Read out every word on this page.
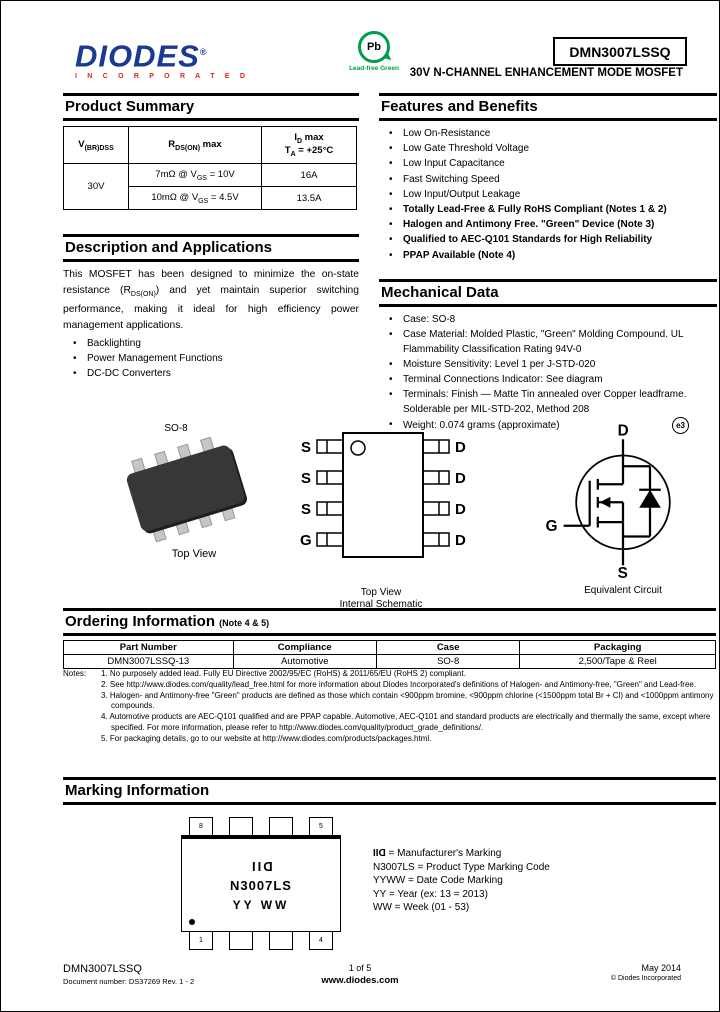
DIODES®
I N C O R P O R A T E D
Pb
➤
Lead-free Green
DMN3007LSSQ
30V N-CHANNEL ENHANCEMENT MODE MOSFET
Product Summary
$V_{(BR)DSS}$	$R_{DS(ON)}$ max	$I_D$ max
$T_A = +25^\circ C$

30V	7mΩ @ $V_{GS} = 10V$	16A
	10mΩ @ $V_{GS} = 4.5V$	13.5A
Description and Applications
This MOSFET has been designed to minimize the on-state resistance $(R_{DS(ON)})$ and yet maintain superior switching performance, making it ideal for high efficiency power management applications.
•	Backlighting
•	Power Management Functions
•	DC-DC Converters
Features and Benefits
•	Low On-Resistance
•	Low Gate Threshold Voltage
•	Low Input Capacitance
•	Fast Switching Speed
•	Low Input/Output Leakage
•	Totally Lead-Free & Fully RoHS Compliant (Notes 1 & 2)
•	Halogen and Antimony Free. "Green" Device (Note 3)
•	Qualified to AEC-Q101 Standards for High Reliability
•	PPAP Available (Note 4)
Mechanical Data
•	Case: SO-8
•	Case Material: Molded Plastic, "Green" Molding Compound. UL Flammability Classification Rating 94V-0
•	Moisture Sensitivity: Level 1 per J-STD-020
•	Terminal Connections Indicator: See diagram
•	Terminals: Finish — Matte Tin annealed over Copper leadframe. Solderable per MIL-STD-202, Method 208
•	Weight: 0.074 grams (approximate)	e3
SO-8
Top View
S
S
S
G
D
D
D
D
Top View
Internal Schematic
D
G
S
Equivalent Circuit
Ordering Information (Note 4 & 5)
Part Number	Compliance	Case	Packaging
DMN3007LSSQ-13	Automotive	SO-8	2,500/Tape & Reel
Notes:	1. No purposely added lead. Fully EU Directive 2002/95/EC (RoHS) & 2011/65/EU (RoHS 2) compliant.
2. See http://www.diodes.com/quality/lead_free.html for more information about Diodes Incorporated's definitions of Halogen- and Antimony-free, "Green" and Lead-free.
3. Halogen- and Antimony-free "Green" products are defined as those which contain <900ppm bromine, <900ppm chlorine (<1500ppm total Br + Cl) and <1000ppm antimony compounds.
4. Automotive products are AEC-Q101 qualified and are PPAP capable. Automotive, AEC-Q101 and standard products are electrically and thermally the same, except where specified. For more information, please refer to http://www.diodes.com/quality/product_grade_definitions/.
5. For packaging details, go to our website at http://www.diodes.com/products/packages.html.
Marking Information
8	5
DII
N3007LS
YY WW
1	4
DII = Manufacturer's Marking
N3007LS = Product Type Marking Code
YYWW = Date Code Marking
YY = Year (ex: 13 = 2013)
WW = Week (01 - 53)
DMN3007LSSQ
Document number: DS37269 Rev. 1 - 2
1 of 5
www.diodes.com
May 2014
© Diodes Incorporated
